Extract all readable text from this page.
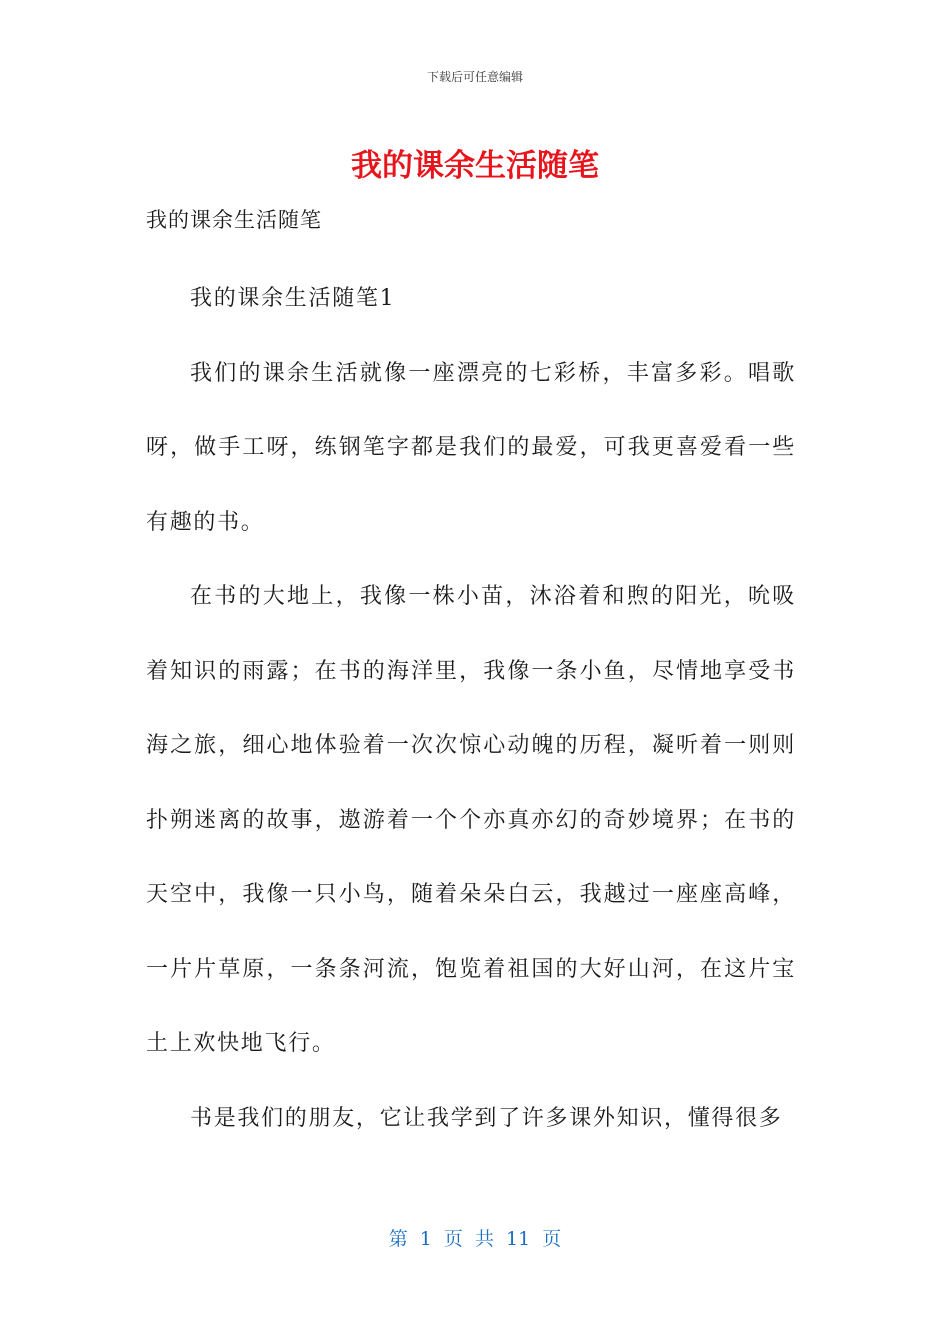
下载后可任意编辑
我的课余生活随笔
我的课余生活随笔

我的课余生活随笔1

我们的课余生活就像一座漂亮的七彩桥，丰富多彩。唱歌呀，做手工呀，练钢笔字都是我们的最爱，可我更喜爱看一些有趣的书。

在书的大地上，我像一株小苗，沐浴着和煦的阳光，吮吸着知识的雨露；在书的海洋里，我像一条小鱼，尽情地享受书海之旅，细心地体验着一次次惊心动魄的历程，凝听着一则则扑朔迷离的故事，遨游着一个个亦真亦幻的奇妙境界；在书的天空中，我像一只小鸟，随着朵朵白云，我越过一座座高峰，一片片草原，一条条河流，饱览着祖国的大好山河，在这片宝土上欢快地飞行。

书是我们的朋友，它让我学到了许多课外知识，懂得很多

第 1 页 共 11 页
